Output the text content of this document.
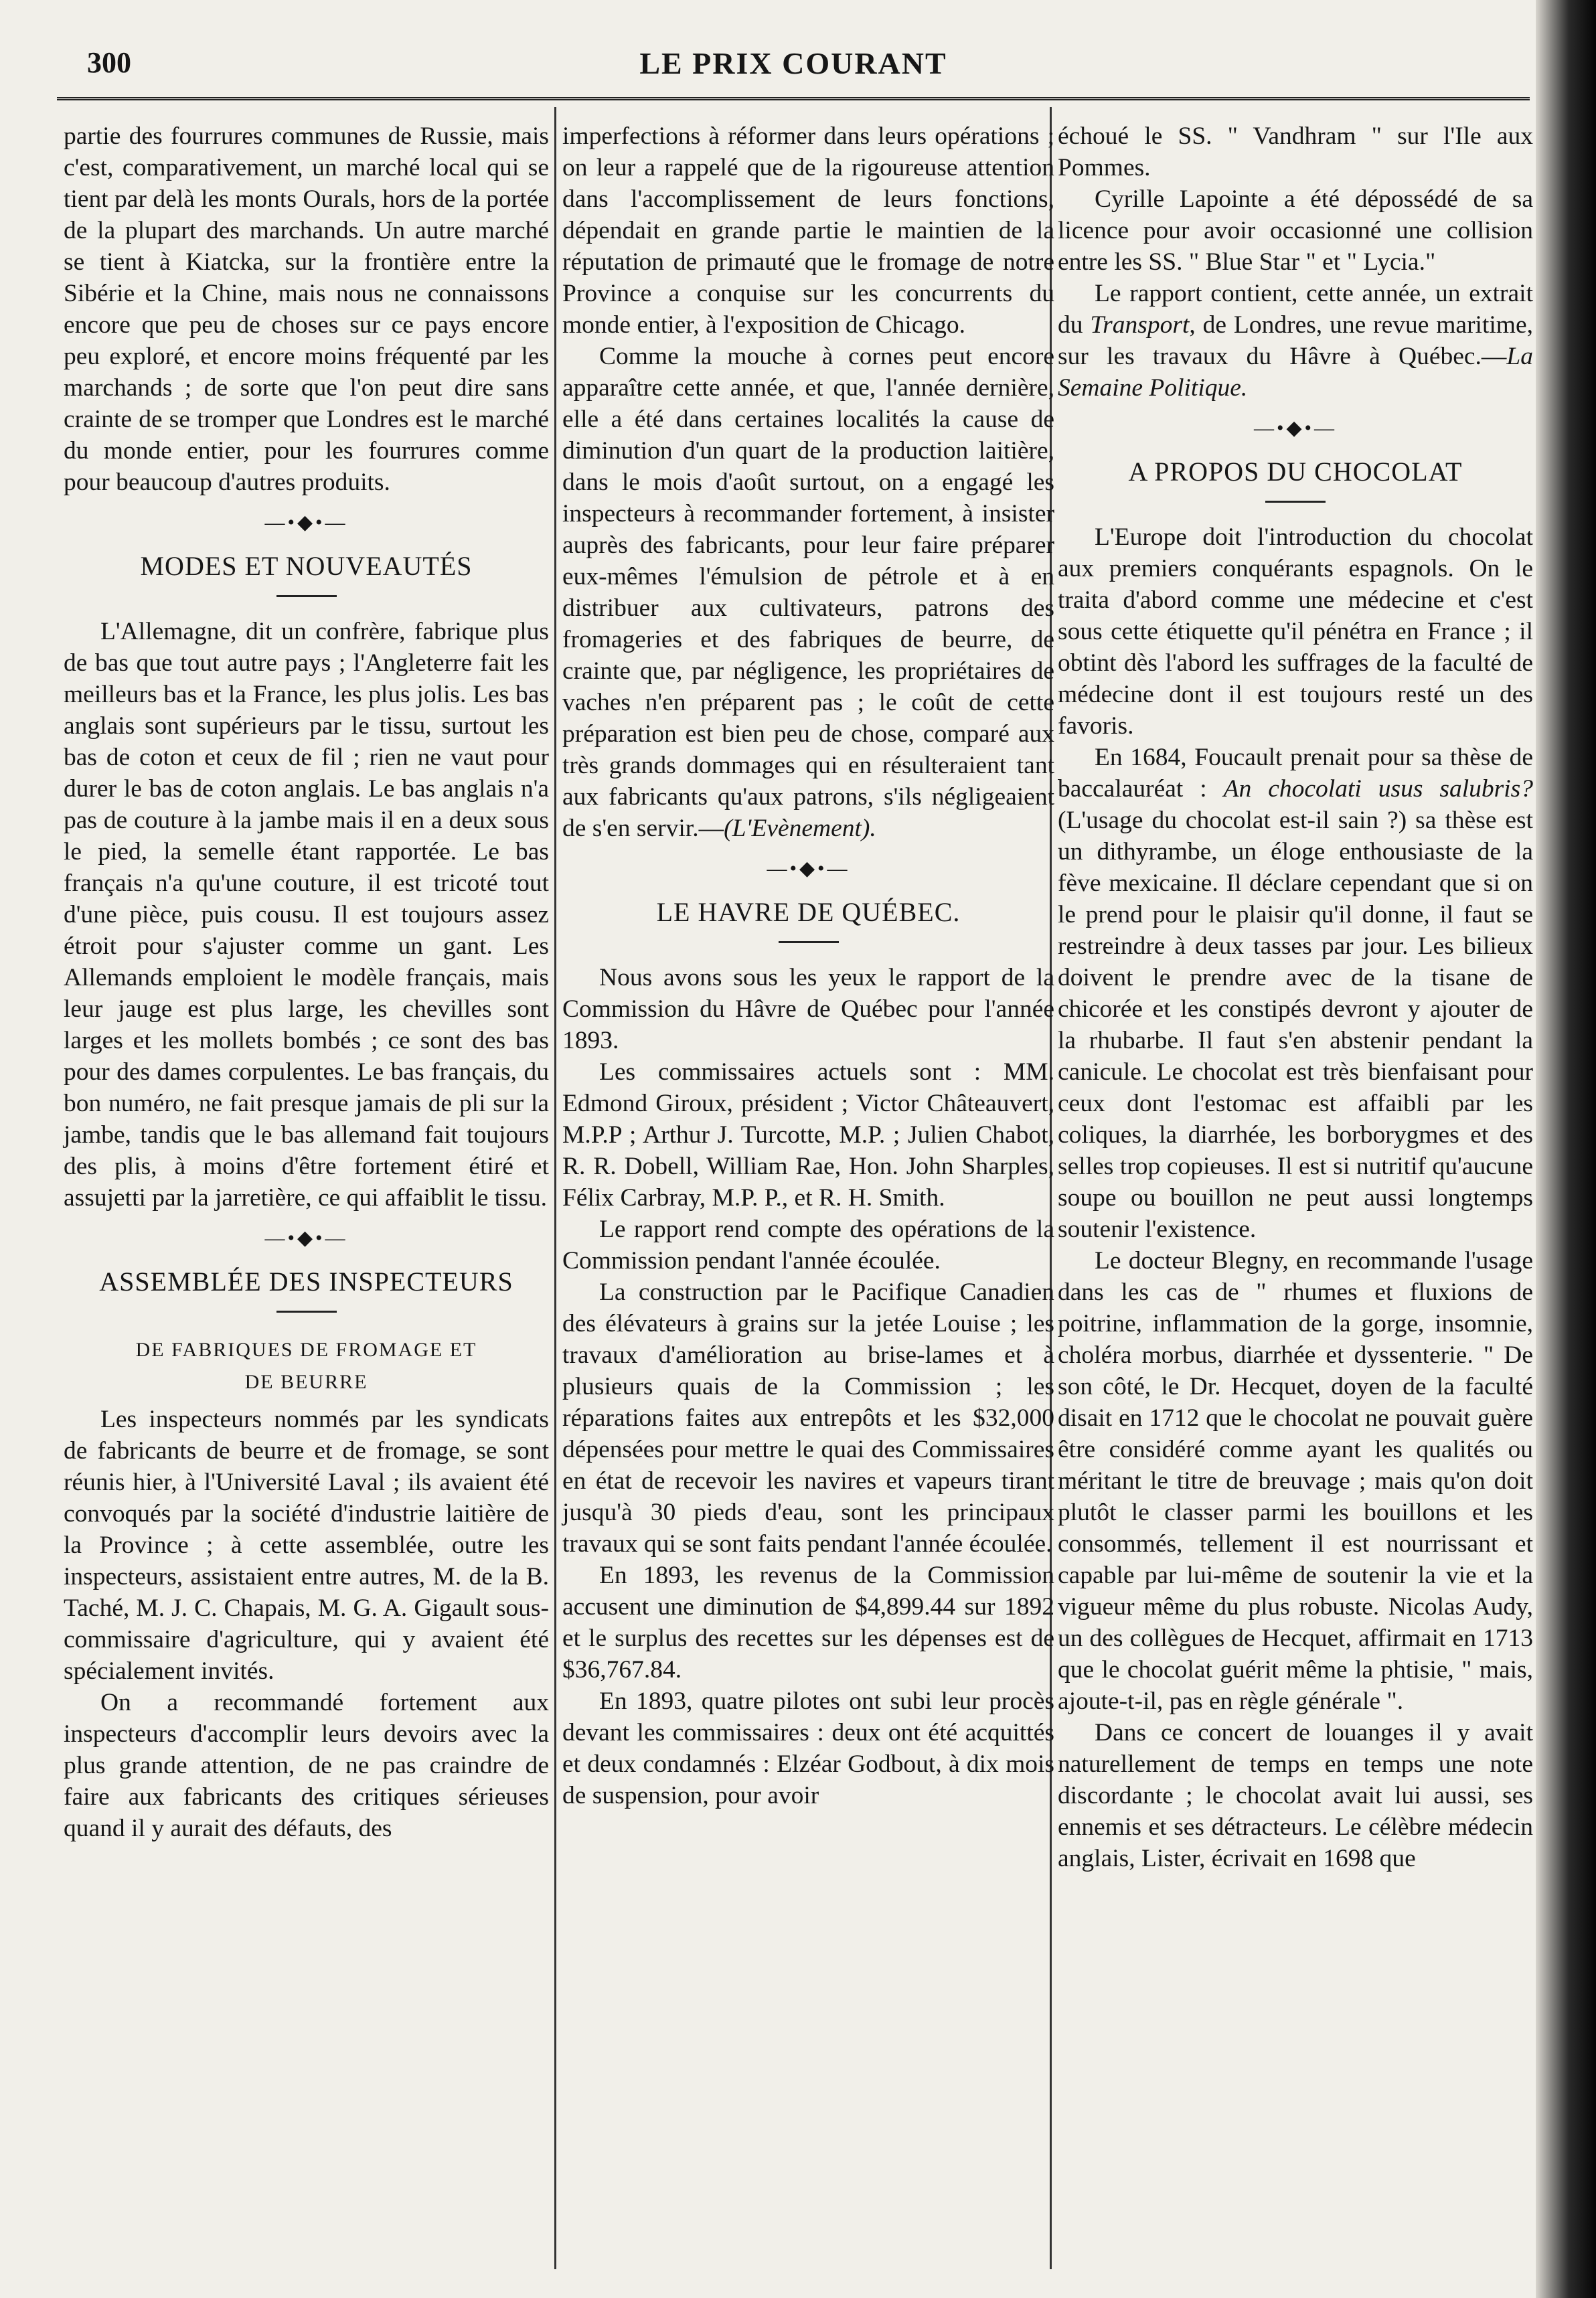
300	LE PRIX COURANT

partie des fourrures communes de Russie, mais c'est, comparativement, un marché local qui se tient par delà les monts Ourals, hors de la portée de la plupart des marchands. Un autre marché se tient à Kiatcka, sur la frontière entre la Sibérie et la Chine, mais nous ne connaissons encore que peu de choses sur ce pays encore peu exploré, et encore moins fréquenté par les marchands ; de sorte que l'on peut dire sans crainte de se tromper que Londres est le marché du monde entier, pour les fourrures comme pour beaucoup d'autres produits.

—•◆•—
MODES ET NOUVEAUTÉS

L'Allemagne, dit un confrère, fabrique plus de bas que tout autre pays ; l'Angleterre fait les meilleurs bas et la France, les plus jolis. Les bas anglais sont supérieurs par le tissu, surtout les bas de coton et ceux de fil ; rien ne vaut pour durer le bas de coton anglais. Le bas anglais n'a pas de couture à la jambe mais il en a deux sous le pied, la semelle étant rapportée. Le bas français n'a qu'une couture, il est tricoté tout d'une pièce, puis cousu. Il est toujours assez étroit pour s'ajuster comme un gant. Les Allemands emploient le modèle français, mais leur jauge est plus large, les chevilles sont larges et les mollets bombés ; ce sont des bas pour des dames corpulentes. Le bas français, du bon numéro, ne fait presque jamais de pli sur la jambe, tandis que le bas allemand fait toujours des plis, à moins d'être fortement étiré et assujetti par la jarretière, ce qui affaiblit le tissu.

—•◆•—
ASSEMBLÉE DES INSPECTEURS
DE FABRIQUES DE FROMAGE ET
DE BEURRE

Les inspecteurs nommés par les syndicats de fabricants de beurre et de fromage, se sont réunis hier, à l'Université Laval ; ils avaient été convoqués par la société d'industrie laitière de la Province ; à cette assemblée, outre les inspecteurs, assistaient entre autres, M. de la B. Taché, M. J. C. Chapais, M. G. A. Gigault sous-commissaire d'agriculture, qui y avaient été spécialement invités.

On a recommandé fortement aux inspecteurs d'accomplir leurs devoirs avec la plus grande attention, de ne pas craindre de faire aux fabricants des critiques sérieuses quand il y aurait des défauts, des

imperfections à réformer dans leurs opérations ; on leur a rappelé que de la rigoureuse attention dans l'accomplissement de leurs fonctions, dépendait en grande partie le maintien de la réputation de primauté que le fromage de notre Province a conquise sur les concurrents du monde entier, à l'exposition de Chicago.

Comme la mouche à cornes peut encore apparaître cette année, et que, l'année dernière, elle a été dans certaines localités la cause de diminution d'un quart de la production laitière, dans le mois d'août surtout, on a engagé les inspecteurs à recommander fortement, à insister auprès des fabricants, pour leur faire préparer eux-mêmes l'émulsion de pétrole et à en distribuer aux cultivateurs, patrons des fromageries et des fabriques de beurre, de crainte que, par négligence, les propriétaires de vaches n'en préparent pas ; le coût de cette préparation est bien peu de chose, comparé aux très grands dommages qui en résulteraient tant aux fabricants qu'aux patrons, s'ils négligeaient de s'en servir.—(L'Evènement).

—•◆•—
LE HAVRE DE QUÉBEC.

Nous avons sous les yeux le rapport de la Commission du Hâvre de Québec pour l'année 1893.

Les commissaires actuels sont : MM. Edmond Giroux, président ; Victor Châteauvert, M.P.P ; Arthur J. Turcotte, M.P. ; Julien Chabot, R. R. Dobell, William Rae, Hon. John Sharples, Félix Carbray, M.P. P., et R. H. Smith.

Le rapport rend compte des opérations de la Commission pendant l'année écoulée.

La construction par le Pacifique Canadien des élévateurs à grains sur la jetée Louise ; les travaux d'amélioration au brise-lames et à plusieurs quais de la Commission ; les réparations faites aux entrepôts et les $32,000 dépensées pour mettre le quai des Commissaires en état de recevoir les navires et vapeurs tirant jusqu'à 30 pieds d'eau, sont les principaux travaux qui se sont faits pendant l'année écoulée.

En 1893, les revenus de la Commission accusent une diminution de $4,899.44 sur 1892 et le surplus des recettes sur les dépenses est de $36,767.84.

En 1893, quatre pilotes ont subi leur procès devant les commissaires : deux ont été acquittés et deux condamnés : Elzéar Godbout, à dix mois de suspension, pour avoir

échoué le SS. " Vandhram " sur l'Ile aux Pommes.

Cyrille Lapointe a été dépossédé de sa licence pour avoir occasionné une collision entre les SS. " Blue Star " et " Lycia."

Le rapport contient, cette année, un extrait du Transport, de Londres, une revue maritime, sur les travaux du Hâvre à Québec.—La Semaine Politique.

—•◆•—
A PROPOS DU CHOCOLAT

L'Europe doit l'introduction du chocolat aux premiers conquérants espagnols. On le traita d'abord comme une médecine et c'est sous cette étiquette qu'il pénétra en France ; il obtint dès l'abord les suffrages de la faculté de médecine dont il est toujours resté un des favoris.

En 1684, Foucault prenait pour sa thèse de baccalauréat : An chocolati usus salubris? (L'usage du chocolat est-il sain ?) sa thèse est un dithyrambe, un éloge enthousiaste de la fève mexicaine. Il déclare cependant que si on le prend pour le plaisir qu'il donne, il faut se restreindre à deux tasses par jour. Les bilieux doivent le prendre avec de la tisane de chicorée et les constipés devront y ajouter de la rhubarbe. Il faut s'en abstenir pendant la canicule. Le chocolat est très bienfaisant pour ceux dont l'estomac est affaibli par les coliques, la diarrhée, les borborygmes et des selles trop copieuses. Il est si nutritif qu'aucune soupe ou bouillon ne peut aussi longtemps soutenir l'existence.

Le docteur Blegny, en recommande l'usage dans les cas de " rhumes et fluxions de poitrine, inflammation de la gorge, insomnie, choléra morbus, diarrhée et dyssenterie. " De son côté, le Dr. Hecquet, doyen de la faculté disait en 1712 que le chocolat ne pouvait guère être considéré comme ayant les qualités ou méritant le titre de breuvage ; mais qu'on doit plutôt le classer parmi les bouillons et les consommés, tellement il est nourrissant et capable par lui-même de soutenir la vie et la vigueur même du plus robuste. Nicolas Audy, un des collègues de Hecquet, affirmait en 1713 que le chocolat guérit même la phtisie, " mais, ajoute-t-il, pas en règle générale ".

Dans ce concert de louanges il y avait naturellement de temps en temps une note discordante ; le chocolat avait lui aussi, ses ennemis et ses détracteurs. Le célèbre médecin anglais, Lister, écrivait en 1698 que
